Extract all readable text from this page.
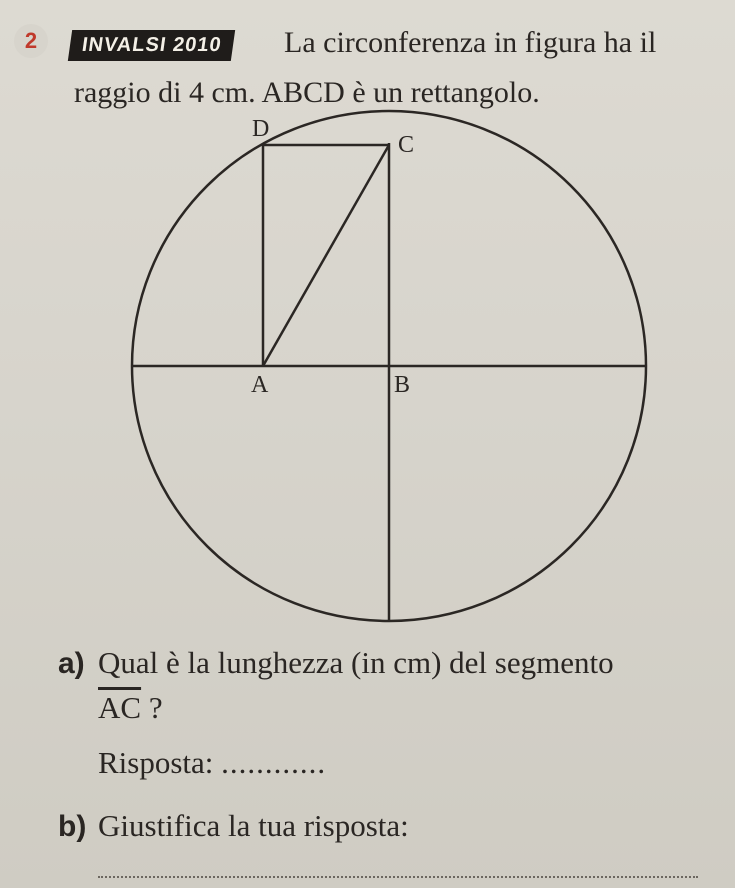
2	INVALSI 2010	La circonferenza in figura ha il
raggio di 4 cm. ABCD è un rettangolo.
D
C
A	B
a) Qual è la lunghezza (in cm) del segmento
$\overline{AC}$ ?
Risposta: ............
b) Giustifica la tua risposta:
